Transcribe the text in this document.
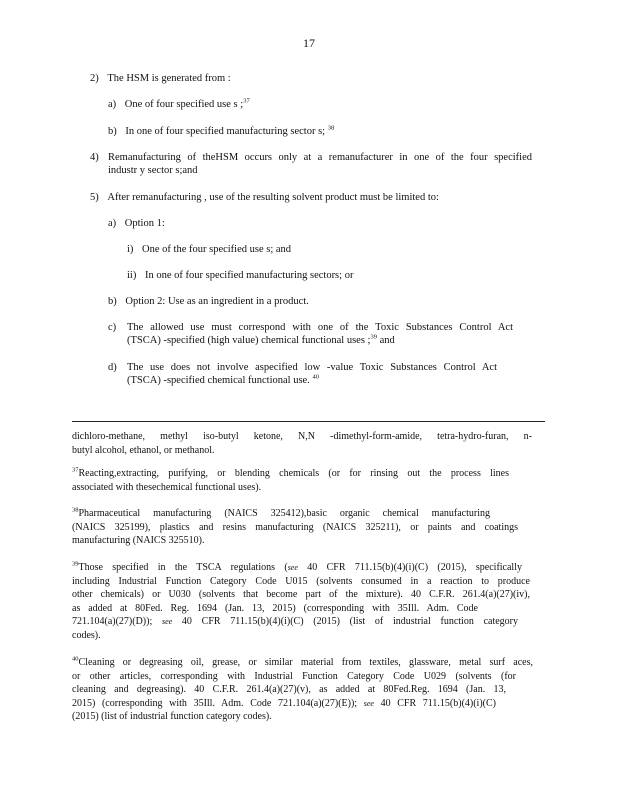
17
2) The HSM is generated from :
a) One of four specified use s ;$^{37}$
b) In one of four specified manufacturing sector s; $^{38}$
4) Remanufacturing of theHSM occurs only at a remanufacturer in one of the four specified
industr y sector s;and
5) After remanufacturing , use of the resulting solvent product must be limited to:
a) Option 1:
i) One of the four specified use s; and
ii) In one of four specified manufacturing sectors; or
b) Option 2: Use as an ingredient in a product.
c) The allowed use must correspond with one of the Toxic Substances Control Act
(TSCA) -specified (high value) chemical functional uses ;$^{39}$ and
d) The use does not involve aspecified low -value Toxic Substances Control Act
(TSCA) -specified chemical functional use. $^{40}$
dichloro-methane, methyl iso-butyl ketone, N,N -dimethyl-form-amide, tetra-hydro-furan, n-
butyl alcohol, ethanol, or methanol.
$^{37}$Reacting,extracting, purifying, or blending chemicals (or for rinsing out the process lines
associated with thesechemical functional uses).
$^{38}$Pharmaceutical manufacturing (NAICS 325412),basic organic chemical manufacturing
(NAICS 325199), plastics and resins manufacturing (NAICS 325211), or paints and coatings
manufacturing (NAICS 325510).
$^{39}$Those specified in the TSCA regulations (see 40 CFR 711.15(b)(4)(i)(C) (2015), specifically
including Industrial Function Category Code U015 (solvents consumed in a reaction to produce
other chemicals) or U030 (solvents that become part of the mixture). 40 C.F.R. 261.4(a)(27)(iv),
as added at 80Fed. Reg. 1694 (Jan. 13, 2015) (corresponding with 35Ill. Adm. Code
721.104(a)(27)(D)); see 40 CFR 711.15(b)(4)(i)(C) (2015) (list of industrial function category
codes).
$^{40}$Cleaning or degreasing oil, grease, or similar material from textiles, glassware, metal surf aces,
or other articles, corresponding with Industrial Function Category Code U029 (solvents (for
cleaning and degreasing). 40 C.F.R. 261.4(a)(27)(v), as added at 80Fed.Reg. 1694 (Jan. 13,
2015) (corresponding with 35Ill. Adm. Code 721.104(a)(27)(E)); see 40 CFR 711.15(b)(4)(i)(C)
(2015) (list of industrial function category codes).
